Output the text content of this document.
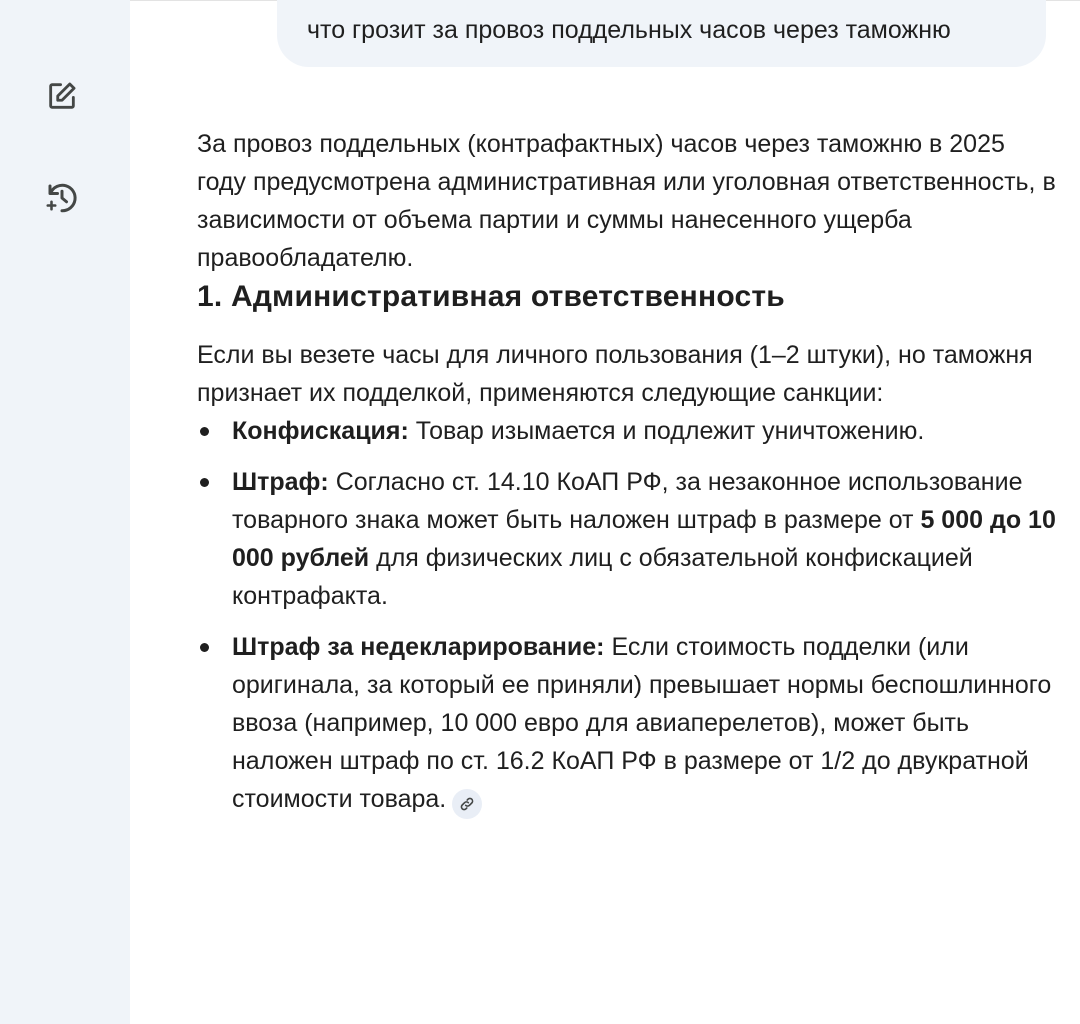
что грозит за провоз поддельных часов через таможню

За провоз поддельных (контрафактных) часов через таможню в 2025 году предусмотрена административная или уголовная ответственность, в зависимости от объема партии и суммы нанесенного ущерба правообладателю.

1. Административная ответственность

Если вы везете часы для личного пользования (1–2 штуки), но таможня признает их подделкой, применяются следующие санкции:

Конфискация: Товар изымается и подлежит уничтожению.
Штраф: Согласно ст. 14.10 КоАП РФ, за незаконное использование товарного знака может быть наложен штраф в размере от 5 000 до 10 000 рублей для физических лиц с обязательной конфискацией контрафакта.
Штраф за недекларирование: Если стоимость подделки (или оригинала, за который ее приняли) превышает нормы беспошлинного ввоза (например, 10 000 евро для авиаперелетов), может быть наложен штраф по ст. 16.2 КоАП РФ в размере от 1/2 до двукратной стоимости товара.
